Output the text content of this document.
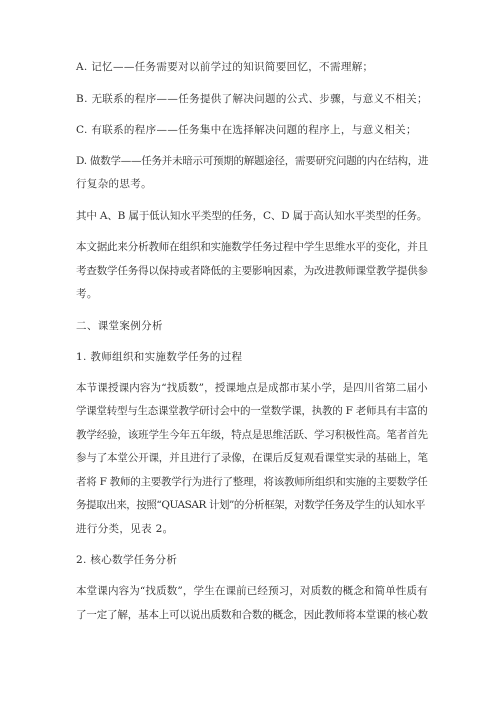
A. 记忆——任务需要对以前学过的知识简要回忆，不需理解；
B. 无联系的程序——任务提供了解决问题的公式、步骤，与意义不相关；
C. 有联系的程序——任务集中在选择解决问题的程序上，与意义相关；
D. 做数学——任务并未暗示可预期的解题途径，需要研究问题的内在结构，进
行复杂的思考。
其中 A、B 属于低认知水平类型的任务，C、D 属于高认知水平类型的任务。
本文据此来分析教师在组织和实施数学任务过程中学生思维水平的变化，并且
考查数学任务得以保持或者降低的主要影响因素，为改进教师课堂教学提供参
考。
二、课堂案例分析
1. 教师组织和实施数学任务的过程
本节课授课内容为“找质数”，授课地点是成都市某小学，是四川省第二届小
学课堂转型与生态课堂教学研讨会中的一堂数学课，执教的 F 老师具有丰富的
教学经验，该班学生今年五年级，特点是思维活跃、学习积极性高。笔者首先
参与了本堂公开课，并且进行了录像，在课后反复观看课堂实录的基础上，笔
者将 F 教师的主要教学行为进行了整理，将该教师所组织和实施的主要数学任
务提取出来，按照“QUASAR 计划”的分析框架，对数学任务及学生的认知水平
进行分类，见表 2。
2. 核心数学任务分析
本堂课内容为“找质数”，学生在课前已经预习，对质数的概念和简单性质有
了一定了解，基本上可以说出质数和合数的概念，因此教师将本堂课的核心数
